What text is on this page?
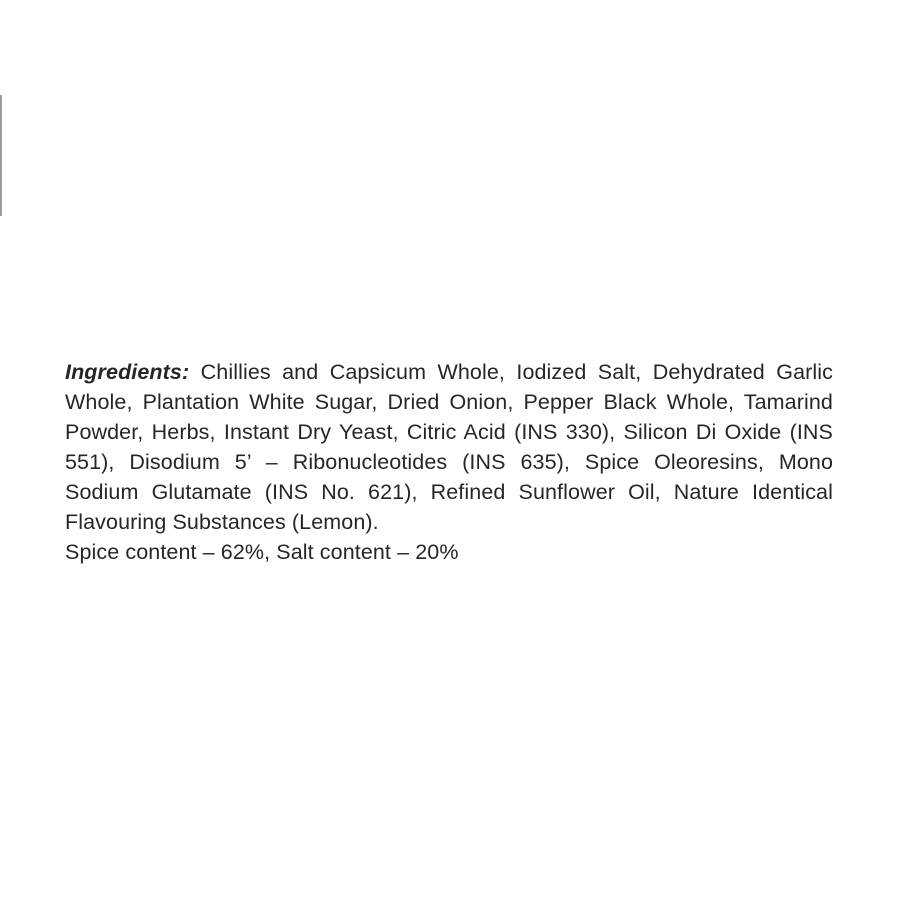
Ingredients: Chillies and Capsicum Whole, Iodized Salt, Dehydrated Garlic Whole, Plantation White Sugar, Dried Onion, Pepper Black Whole, Tamarind Powder, Herbs, Instant Dry Yeast, Citric Acid (INS 330), Silicon Di Oxide (INS 551), Disodium 5’ – Ribonucleotides (INS 635), Spice Oleoresins, Mono Sodium Glutamate (INS No. 621), Refined Sunflower Oil, Nature Identical Flavouring Substances (Lemon).

Spice content – 62%, Salt content – 20%
